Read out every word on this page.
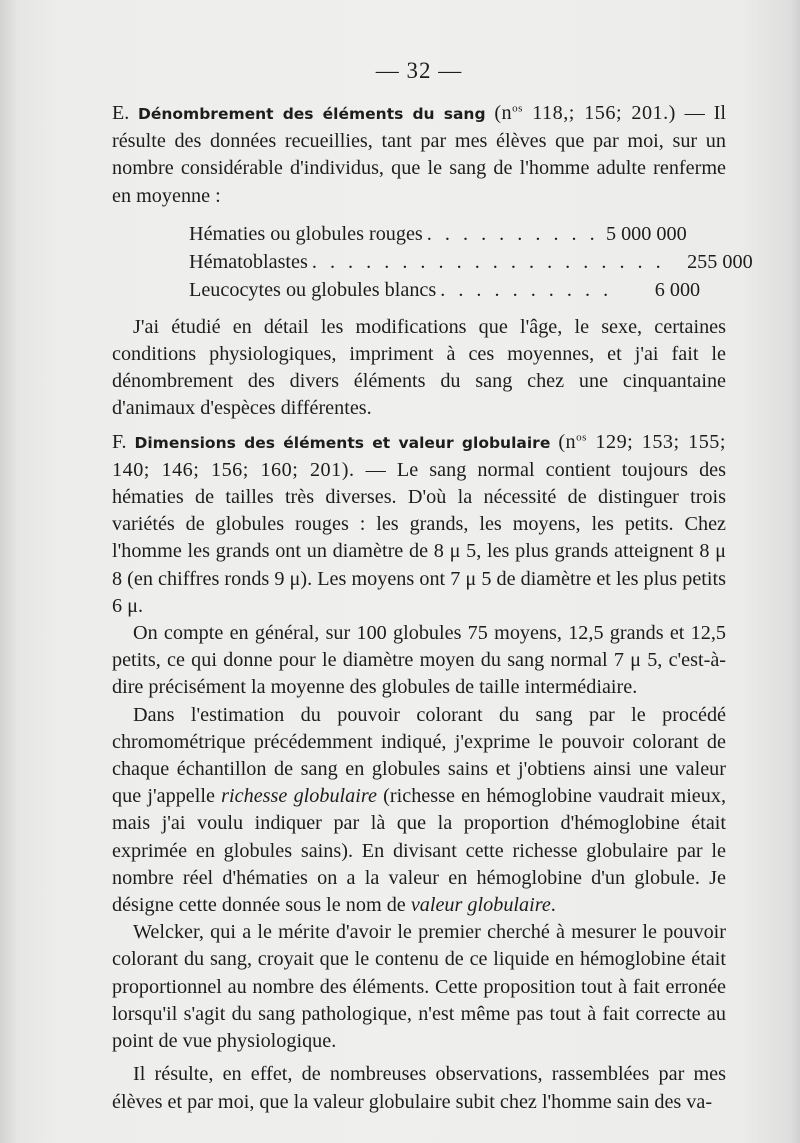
— 32 —

E. Dénombrement des éléments du sang ($n^{os}$ 118,; 156; 201.) — Il résulte des données recueillies, tant par mes élèves que par moi, sur un nombre considérable d'individus, que le sang de l'homme adulte renferme en moyenne :

Hématies ou globules rouges . . . . . . . . . . 5 000 000
Hématoblastes . . . . . . . . . . . . . . . . . . . .	255 000
Leucocytes ou globules blancs . . . . . . . . . .	6 000

J'ai étudié en détail les modifications que l'âge, le sexe, certaines conditions physiologiques, impriment à ces moyennes, et j'ai fait le dénombrement des divers éléments du sang chez une cinquantaine d'animaux d'espèces différentes.

F. Dimensions des éléments et valeur globulaire ($n^{os}$ 129; 153; 155; 140; 146; 156; 160; 201). — Le sang normal contient toujours des hématies de tailles très diverses. D'où la nécessité de distinguer trois variétés de globules rouges : les grands, les moyens, les petits. Chez l'homme les grands ont un diamètre de 8 μ 5, les plus grands atteignent 8 μ 8 (en chiffres ronds 9 μ). Les moyens ont 7 μ 5 de diamètre et les plus petits 6 μ.

On compte en général, sur 100 globules 75 moyens, 12,5 grands et 12,5 petits, ce qui donne pour le diamètre moyen du sang normal 7 μ 5, c'est-à-dire précisément la moyenne des globules de taille intermédiaire.

Dans l'estimation du pouvoir colorant du sang par le procédé chromométrique précédemment indiqué, j'exprime le pouvoir colorant de chaque échantillon de sang en globules sains et j'obtiens ainsi une valeur que j'appelle richesse globulaire (richesse en hémoglobine vaudrait mieux, mais j'ai voulu indiquer par là que la proportion d'hémoglobine était exprimée en globules sains). En divisant cette richesse globulaire par le nombre réel d'hématies on a la valeur en hémoglobine d'un globule. Je désigne cette donnée sous le nom de valeur globulaire.

Welcker, qui a le mérite d'avoir le premier cherché à mesurer le pouvoir colorant du sang, croyait que le contenu de ce liquide en hémoglobine était proportionnel au nombre des éléments. Cette proposition tout à fait erronée lorsqu'il s'agit du sang pathologique, n'est même pas tout à fait correcte au point de vue physiologique.

Il résulte, en effet, de nombreuses observations, rassemblées par mes élèves et par moi, que la valeur globulaire subit chez l'homme sain des va-
